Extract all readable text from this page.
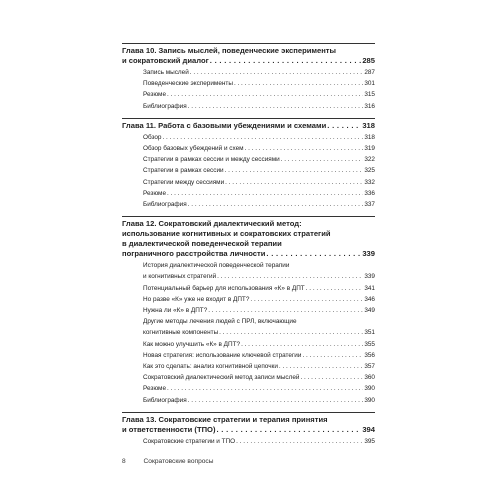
Глава 10. Запись мыслей, поведенческие эксперименты
и сократовский диалог . . .	285
Запись мыслей . . .	287
Поведенческие эксперименты . . .	301
Резюме . . .	315
Библиография . . .	316
Глава 11. Работа с базовыми убеждениями и схемами . . .	318
Обзор . . .	318
Обзор базовых убеждений и схем . . .	319
Стратегии в рамках сессии и между сессиями . . .	322
Стратегии в рамках сессии . . .	325
Стратегии между сессиями . . .	332
Резюме . . .	336
Библиография . . .	337
Глава 12. Сократовский диалектический метод:
использование когнитивных и сократовских стратегий
в диалектической поведенческой терапии
пограничного расстройства личности . . .	339
История диалектической поведенческой терапии
и когнитивных стратегий . . .	339
Потенциальный барьер для использования «К» в ДПТ . . .	341
Но разве «К» уже не входит в ДПТ? . . .	346
Нужна ли «К» в ДПТ? . . .	349
Другие методы лечения людей с ПРЛ, включающие
когнитивные компоненты . . .	351
Как можно улучшить «К» в ДПТ? . . .	355
Новая стратегия: использование ключевой стратегии . . .	356
Как это сделать: анализ когнитивной цепочки . . .	357
Сократовский диалектический метод записи мыслей . . .	360
Резюме . . .	390
Библиография . . .	390
Глава 13. Сократовские стратегии и терапия принятия
и ответственности (ТПО) . . .	394
Сократовские стратегии и ТПО . . .	395
8	Сократовские вопросы
